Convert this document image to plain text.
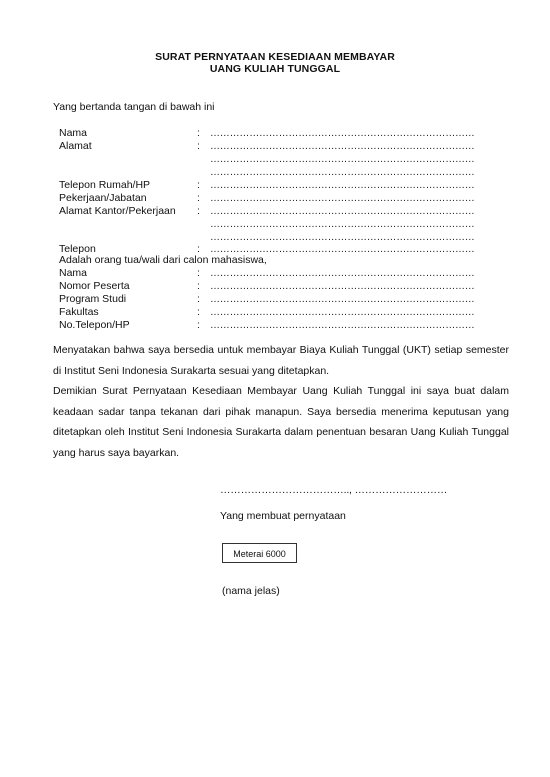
SURAT PERNYATAAN KESEDIAAN MEMBAYAR
UANG KULIAH TUNGGAL
Yang bertanda tangan di bawah ini
Nama	: ………………………………………………………………………
Alamat	: ………………………………………………………………………
………………………………………………………………………
………………………………………………………………………
Telepon Rumah/HP	: ………………………………………………………………………
Pekerjaan/Jabatan	: ………………………………………………………………………
Alamat Kantor/Pekerjaan : ………………………………………………………………………
………………………………………………………………………
………………………………………………………………………
Telepon	: ………………………………………………………………………
Adalah orang tua/wali dari calon mahasiswa,
Nama	: ………………………………………………………………………
Nomor Peserta	: ………………………………………………………………………
Program Studi	: ………………………………………………………………………
Fakultas	: ………………………………………………………………………
No.Telepon/HP	: ………………………………………………………………………
Menyatakan bahwa saya bersedia untuk membayar Biaya Kuliah Tunggal (UKT) setiap semester di Institut Seni Indonesia Surakarta sesuai yang ditetapkan.
Demikian Surat Pernyataan Kesediaan Membayar Uang Kuliah Tunggal ini saya buat dalam keadaan sadar tanpa tekanan dari pihak manapun. Saya bersedia menerima keputusan yang ditetapkan oleh Institut Seni Indonesia Surakarta dalam penentuan besaran Uang Kuliah Tunggal yang harus saya bayarkan.
……………………………….., ………………………
Yang membuat pernyataan
Meterai 6000
(nama jelas)
